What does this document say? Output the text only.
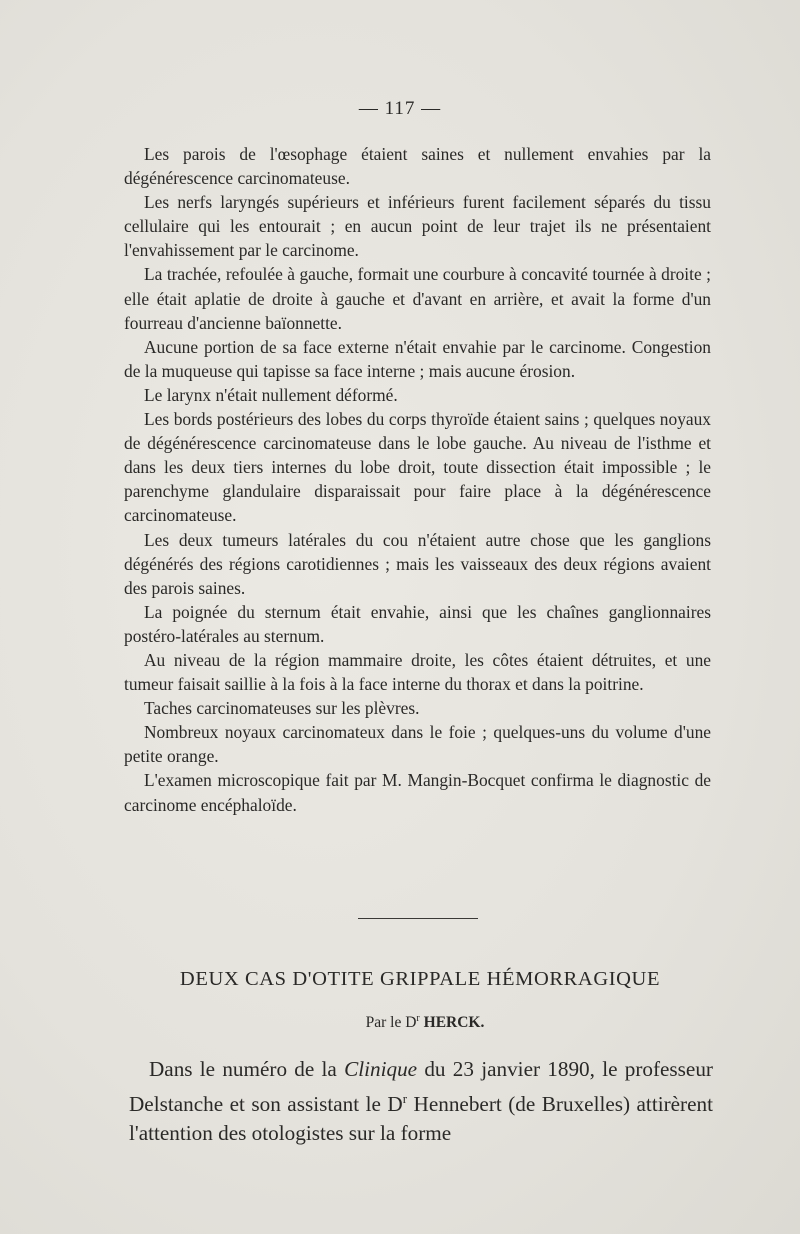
— 117 —

Les parois de l'œsophage étaient saines et nullement envahies par la dégénérescence carcinomateuse.

Les nerfs laryngés supérieurs et inférieurs furent facilement séparés du tissu cellulaire qui les entourait ; en aucun point de leur trajet ils ne présentaient l'envahissement par le carcinome.

La trachée, refoulée à gauche, formait une courbure à concavité tournée à droite ; elle était aplatie de droite à gauche et d'avant en arrière, et avait la forme d'un fourreau d'ancienne baïonnette.

Aucune portion de sa face externe n'était envahie par le carcinome. Congestion de la muqueuse qui tapisse sa face interne ; mais aucune érosion.

Le larynx n'était nullement déformé.

Les bords postérieurs des lobes du corps thyroïde étaient sains ; quelques noyaux de dégénérescence carcinomateuse dans le lobe gauche. Au niveau de l'isthme et dans les deux tiers internes du lobe droit, toute dissection était impossible ; le parenchyme glandulaire disparaissait pour faire place à la dégénérescence carcinomateuse.

Les deux tumeurs latérales du cou n'étaient autre chose que les ganglions dégénérés des régions carotidiennes ; mais les vaisseaux des deux régions avaient des parois saines.

La poignée du sternum était envahie, ainsi que les chaînes ganglionnaires postéro-latérales au sternum.

Au niveau de la région mammaire droite, les côtes étaient détruites, et une tumeur faisait saillie à la fois à la face interne du thorax et dans la poitrine.

Taches carcinomateuses sur les plèvres.

Nombreux noyaux carcinomateux dans le foie ; quelques-uns du volume d'une petite orange.

L'examen microscopique fait par M. Mangin-Bocquet confirma le diagnostic de carcinome encéphaloïde.

DEUX CAS D'OTITE GRIPPALE HÉMORRAGIQUE
Par le $D^r$ HERCK.

Dans le numéro de la Clinique du 23 janvier 1890, le professeur Delstanche et son assistant le $D^r$ Hennebert (de Bruxelles) attirèrent l'attention des otologistes sur la forme
